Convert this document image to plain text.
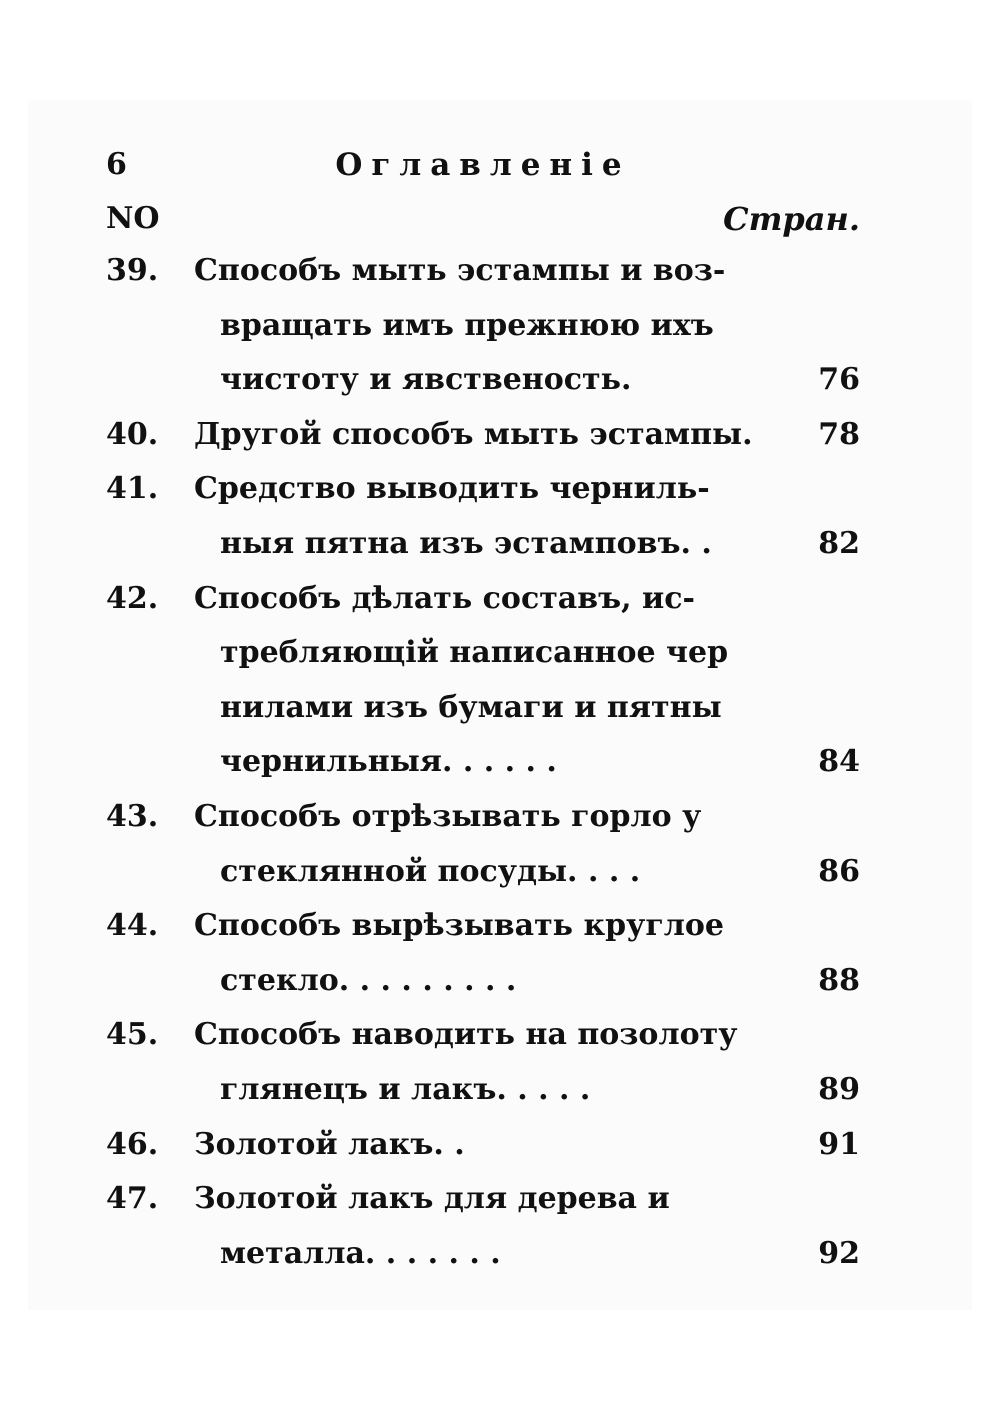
6	Оглавленіе
NO	Стран.
39. Способъ мыть эстампы и воз-
вращать имъ прежнюю ихъ
чистоту и явственость.	76
40. Другой способъ мыть эстампы. 78
41. Средство выводить черниль-
ныя пятна изъ эстамповъ. .	82
42. Способъ дѣлать составъ, ис-
требляющій написанное чер
нилами изъ бумаги и пятны
чернильныя. . . . . .	84
43. Способъ отрѣзывать горло у
стеклянной посуды. . . .	86
44. Способъ вырѣзывать круглое
стекло. . . . . . . . .	88
45. Способъ наводить на позолоту
глянецъ и лакъ. . . . .	89
46. Золотой лакъ. .	91
47. Золотой лакъ для дерева и
металла. . . . . . .	92
